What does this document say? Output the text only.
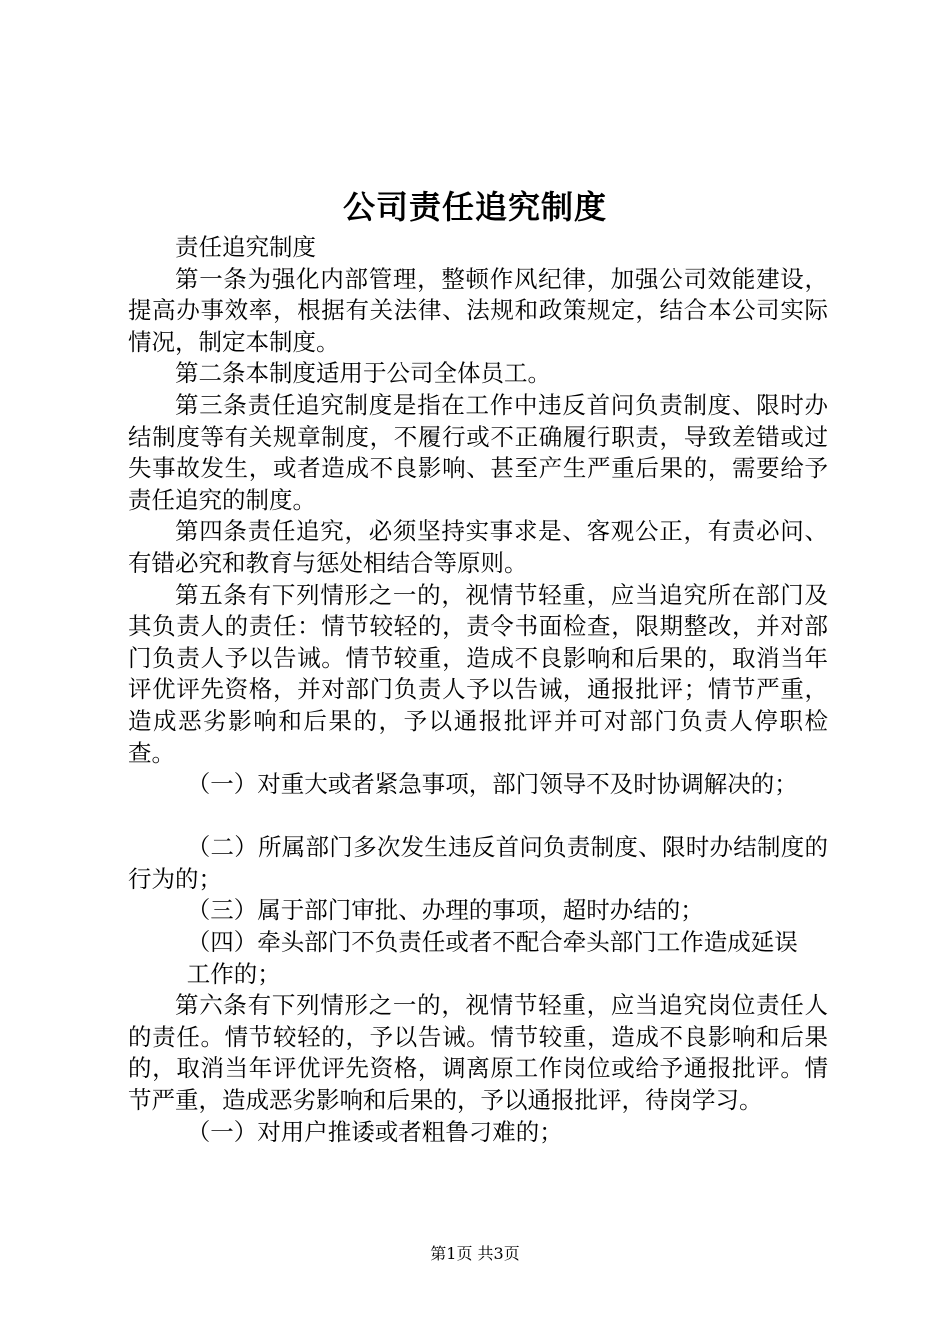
公司责任追究制度

责任追究制度

第一条为强化内部管理，整顿作风纪律，加强公司效能建设，提高办事效率，根据有关法律、法规和政策规定，结合本公司实际情况，制定本制度。

第二条本制度适用于公司全体员工。

第三条责任追究制度是指在工作中违反首问负责制度、限时办结制度等有关规章制度，不履行或不正确履行职责，导致差错或过失事故发生，或者造成不良影响、甚至产生严重后果的，需要给予责任追究的制度。

第四条责任追究，必须坚持实事求是、客观公正，有责必问、有错必究和教育与惩处相结合等原则。

第五条有下列情形之一的，视情节轻重，应当追究所在部门及其负责人的责任：情节较轻的，责令书面检查，限期整改，并对部门负责人予以告诫。情节较重，造成不良影响和后果的，取消当年评优评先资格，并对部门负责人予以告诫，通报批评；情节严重，造成恶劣影响和后果的，予以通报批评并可对部门负责人停职检查。

（一）对重大或者紧急事项，部门领导不及时协调解决的；

（二）所属部门多次发生违反首问负责制度、限时办结制度的行为的；

（三）属于部门审批、办理的事项，超时办结的；

（四）牵头部门不负责任或者不配合牵头部门工作造成延误

工作的；

第六条有下列情形之一的，视情节轻重，应当追究岗位责任人的责任。情节较轻的，予以告诫。情节较重，造成不良影响和后果的，取消当年评优评先资格，调离原工作岗位或给予通报批评。情节严重，造成恶劣影响和后果的，予以通报批评，待岗学习。

（一）对用户推诿或者粗鲁刁难的；

第1页 共3页
